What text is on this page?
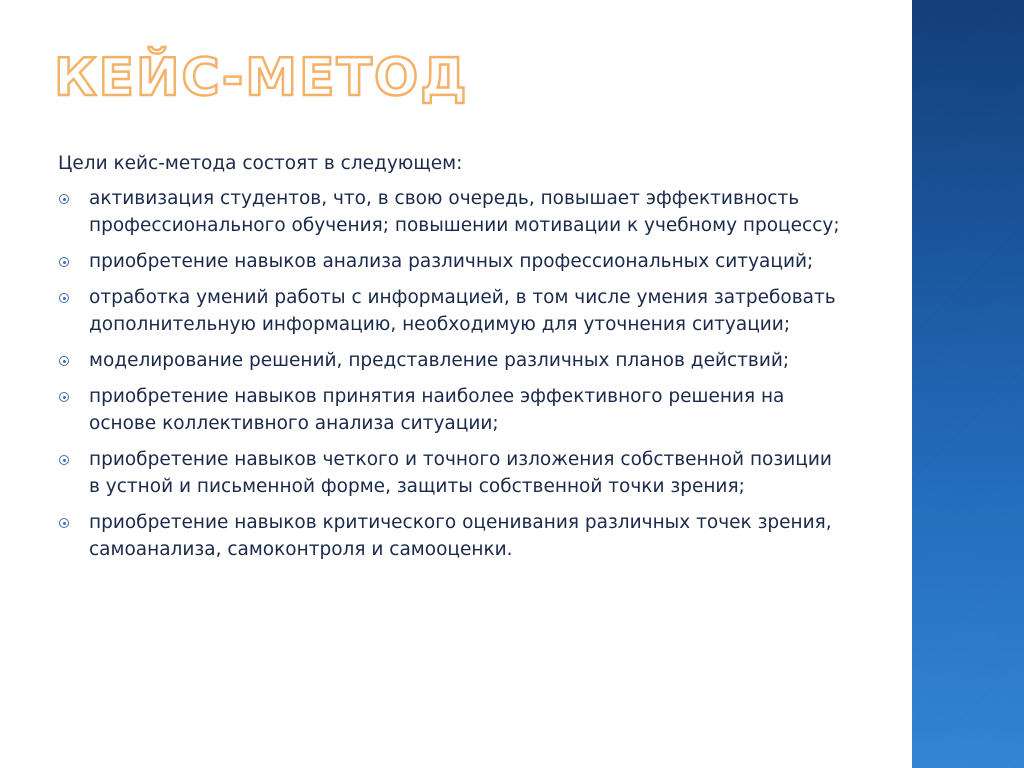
КЕЙС-МЕТОД

Цели кейс-метода состоят в следующем:

активизация студентов, что, в свою очередь, повышает эффективность профессионального обучения; повышении мотивации к учебному процессу;
приобретение навыков анализа различных профессиональных ситуаций;
отработка умений работы с информацией, в том числе умения затребовать дополнительную информацию, необходимую для уточнения ситуации;
моделирование решений, представление различных планов действий;
приобретение навыков принятия наиболее эффективного решения на основе коллективного анализа ситуации;
приобретение навыков четкого и точного изложения собственной позиции в устной и письменной форме, защиты собственной точки зрения;
приобретение навыков критического оценивания различных точек зрения, самоанализа, самоконтроля и самооценки.
